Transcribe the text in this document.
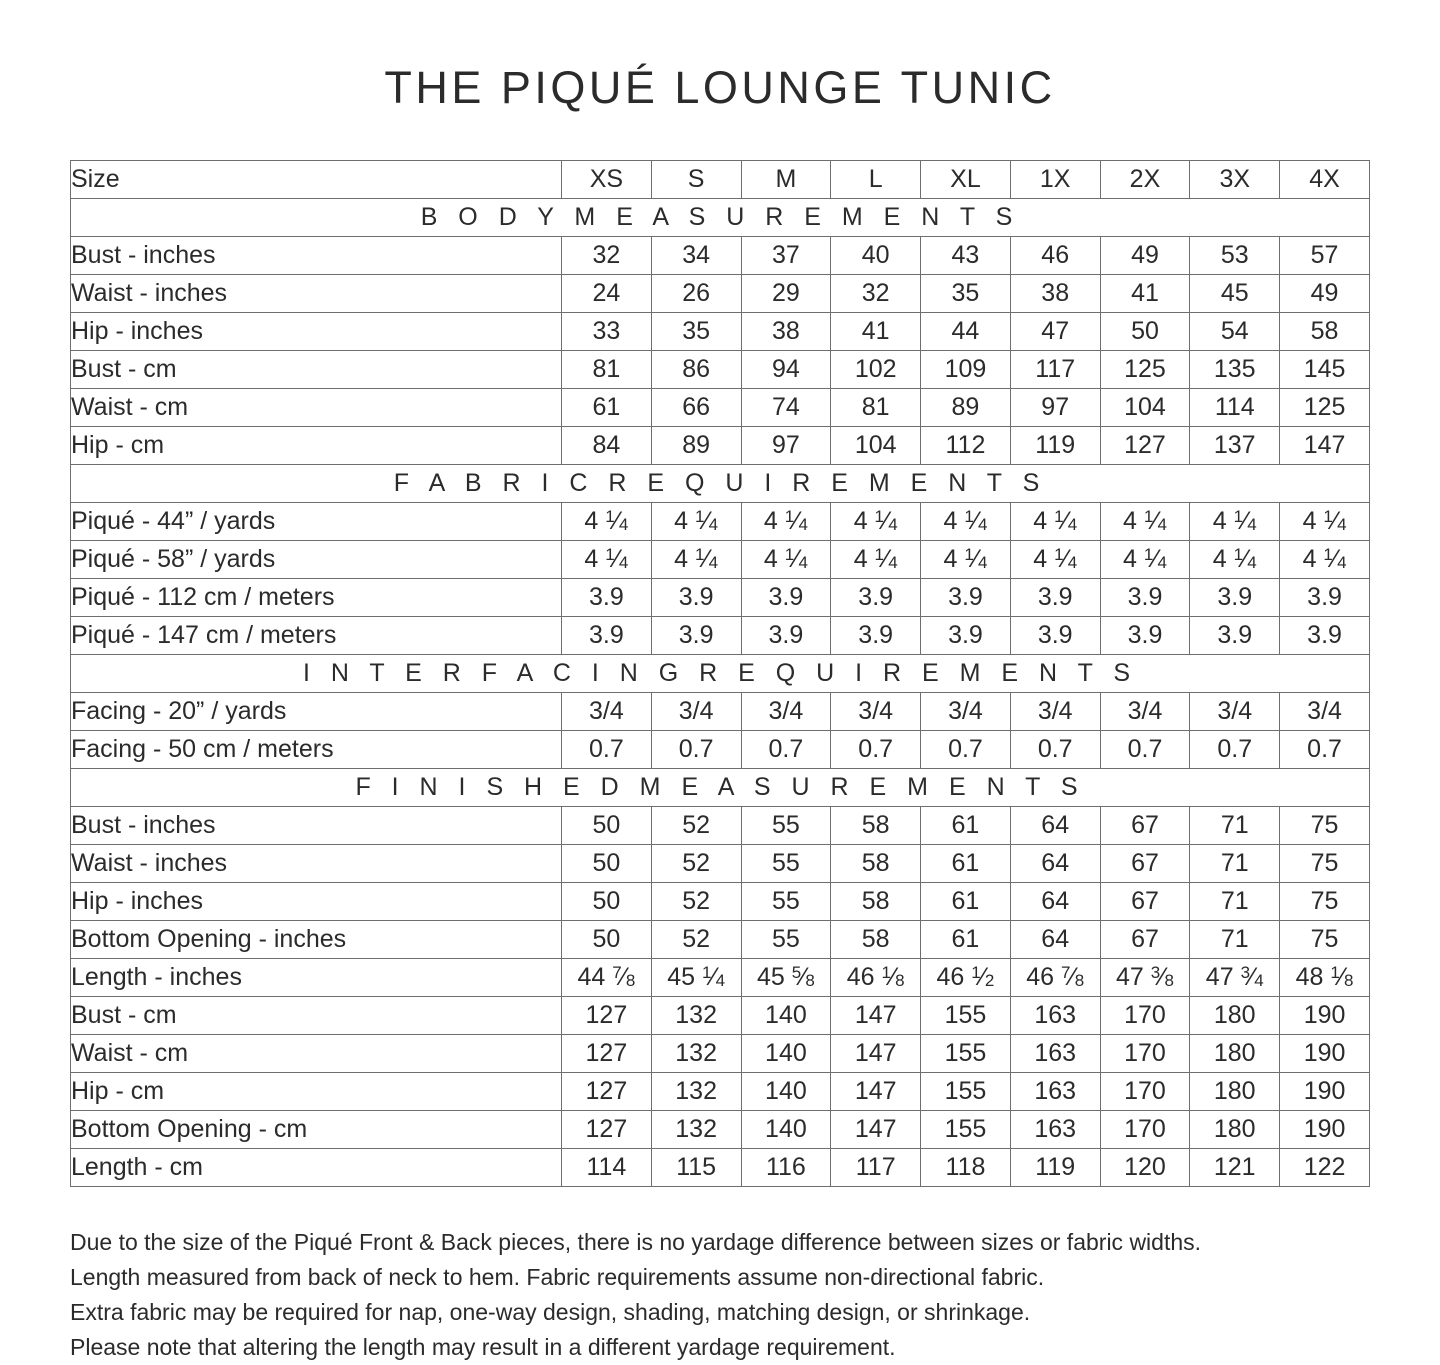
THE PIQUÉ LOUNGE TUNIC
Size	XS	S	M	L	XL	1X	2X	3X	4X
B O D Y M E A S U R E M E N T S									
Bust - inches	32	34	37	40	43	46	49	53	57
Waist - inches	24	26	29	32	35	38	41	45	49
Hip - inches	33	35	38	41	44	47	50	54	58
Bust - cm	81	86	94	102	109	117	125	135	145
Waist - cm	61	66	74	81	89	97	104	114	125
Hip - cm	84	89	97	104	112	119	127	137	147
F A B R I C R E Q U I R E M E N T S									
Piqué - 44” / yards	4 $^1⁄_4$	4 $^1⁄_4$	4 $^1⁄_4$	4 $^1⁄_4$	4 $^1⁄_4$	4 $^1⁄_4$	4 $^1⁄_4$	4 $^1⁄_4$	4 $^1⁄_4$
Piqué - 58” / yards	4 $^1⁄_4$	4 $^1⁄_4$	4 $^1⁄_4$	4 $^1⁄_4$	4 $^1⁄_4$	4 $^1⁄_4$	4 $^1⁄_4$	4 $^1⁄_4$	4 $^1⁄_4$
Piqué - 112 cm / meters	3.9	3.9	3.9	3.9	3.9	3.9	3.9	3.9	3.9
Piqué - 147 cm / meters	3.9	3.9	3.9	3.9	3.9	3.9	3.9	3.9	3.9
I N T E R F A C I N G R E Q U I R E M E N T S									
Facing - 20” / yards	3/4	3/4	3/4	3/4	3/4	3/4	3/4	3/4	3/4
Facing - 50 cm / meters	0.7	0.7	0.7	0.7	0.7	0.7	0.7	0.7	0.7
F I N I S H E D M E A S U R E M E N T S									
Bust - inches	50	52	55	58	61	64	67	71	75
Waist - inches	50	52	55	58	61	64	67	71	75
Hip - inches	50	52	55	58	61	64	67	71	75
Bottom Opening - inches	50	52	55	58	61	64	67	71	75
Length - inches	44 $^7⁄_8$	45 $^1⁄_4$	45 $^5⁄_8$	46 $^1⁄_8$	46 $^1⁄_2$	46 $^7⁄_8$	47 $^3⁄_8$	47 $^3⁄_4$	48 $^1⁄_8$
Bust - cm	127	132	140	147	155	163	170	180	190
Waist - cm	127	132	140	147	155	163	170	180	190
Hip - cm	127	132	140	147	155	163	170	180	190
Bottom Opening - cm	127	132	140	147	155	163	170	180	190
Length - cm	114	115	116	117	118	119	120	121	122
Due to the size of the Piqué Front & Back pieces, there is no yardage difference between sizes or fabric widths.
Length measured from back of neck to hem. Fabric requirements assume non-directional fabric.
Extra fabric may be required for nap, one-way design, shading, matching design, or shrinkage.
Please note that altering the length may result in a different yardage requirement.
